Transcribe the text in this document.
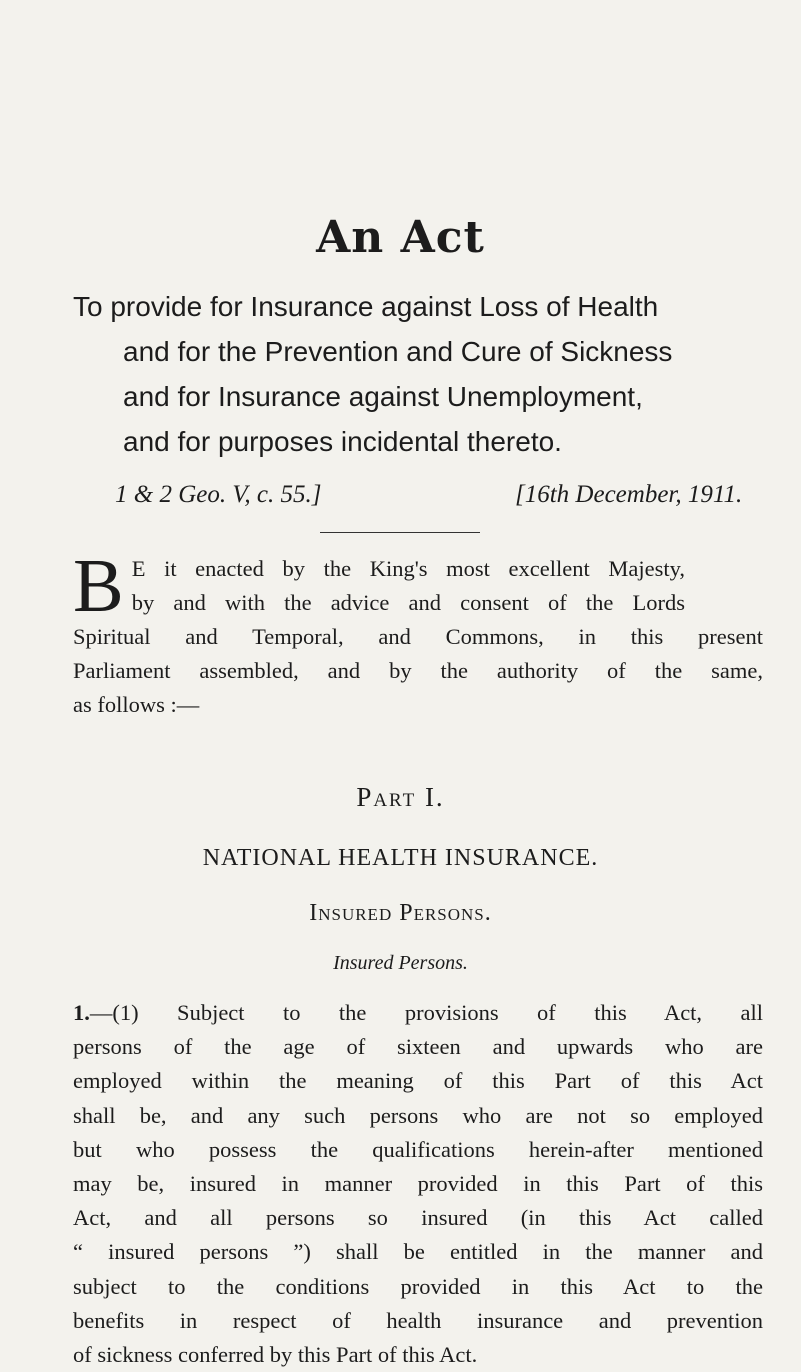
An Act
To provide for Insurance against Loss of Health
and for the Prevention and Cure of Sickness
and for Insurance against Unemployment,
and for purposes incidental thereto.
1 & 2 Geo. V, c. 55.]	[16th December, 1911.
B E it enacted by the King's most excellent Majesty,
by and with the advice and consent of the Lords
Spiritual and Temporal, and Commons, in this present
Parliament assembled, and by the authority of the same,
as follows :—
Part I.
NATIONAL HEALTH INSURANCE.
Insured Persons.
Insured Persons.
1.—(1) Subject to the provisions of this Act, all
persons of the age of sixteen and upwards who are
employed within the meaning of this Part of this Act
shall be, and any such persons who are not so employed
but who possess the qualifications herein-after mentioned
may be, insured in manner provided in this Part of this
Act, and all persons so insured (in this Act called
“ insured persons ”) shall be entitled in the manner and
subject to the conditions provided in this Act to the
benefits in respect of health insurance and prevention
of sickness conferred by this Part of this Act.
